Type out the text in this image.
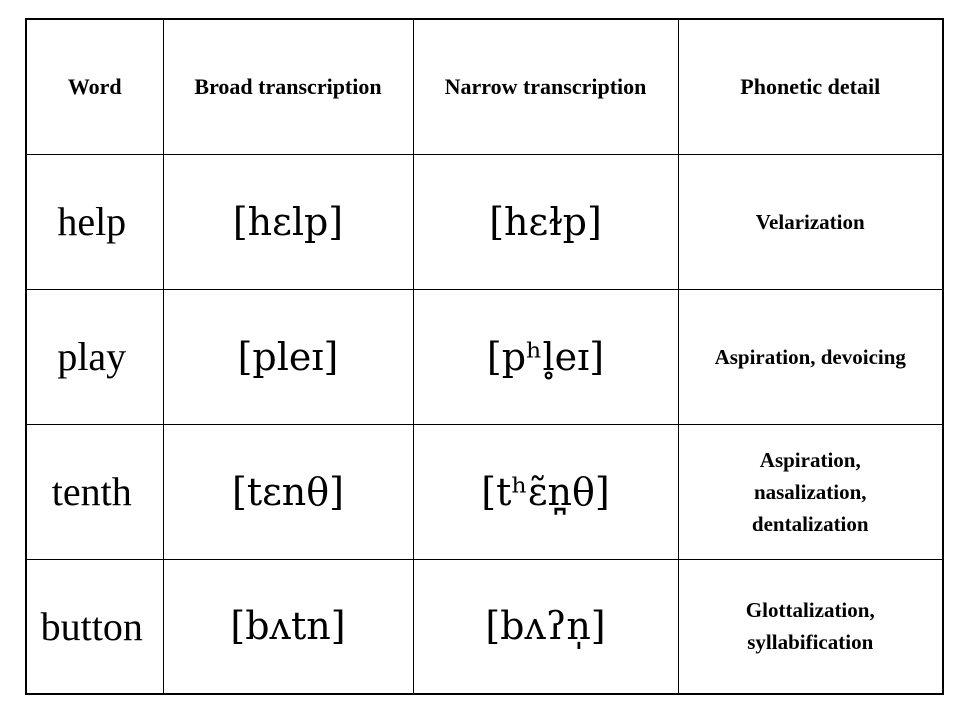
Word	Broad transcription	Narrow transcription	Phonetic detail
help	[hɛlp]	[hɛɫp]	Velarization
play	[pleɪ]	[pʰl̥eɪ]	Aspiration, devoicing
tenth	[tɛnθ]	[tʰɛ̃n̪θ]	Aspiration,
nasalization,
dentalization
button	[bʌtn]	[bʌʔn̩]	Glottalization,
syllabification
